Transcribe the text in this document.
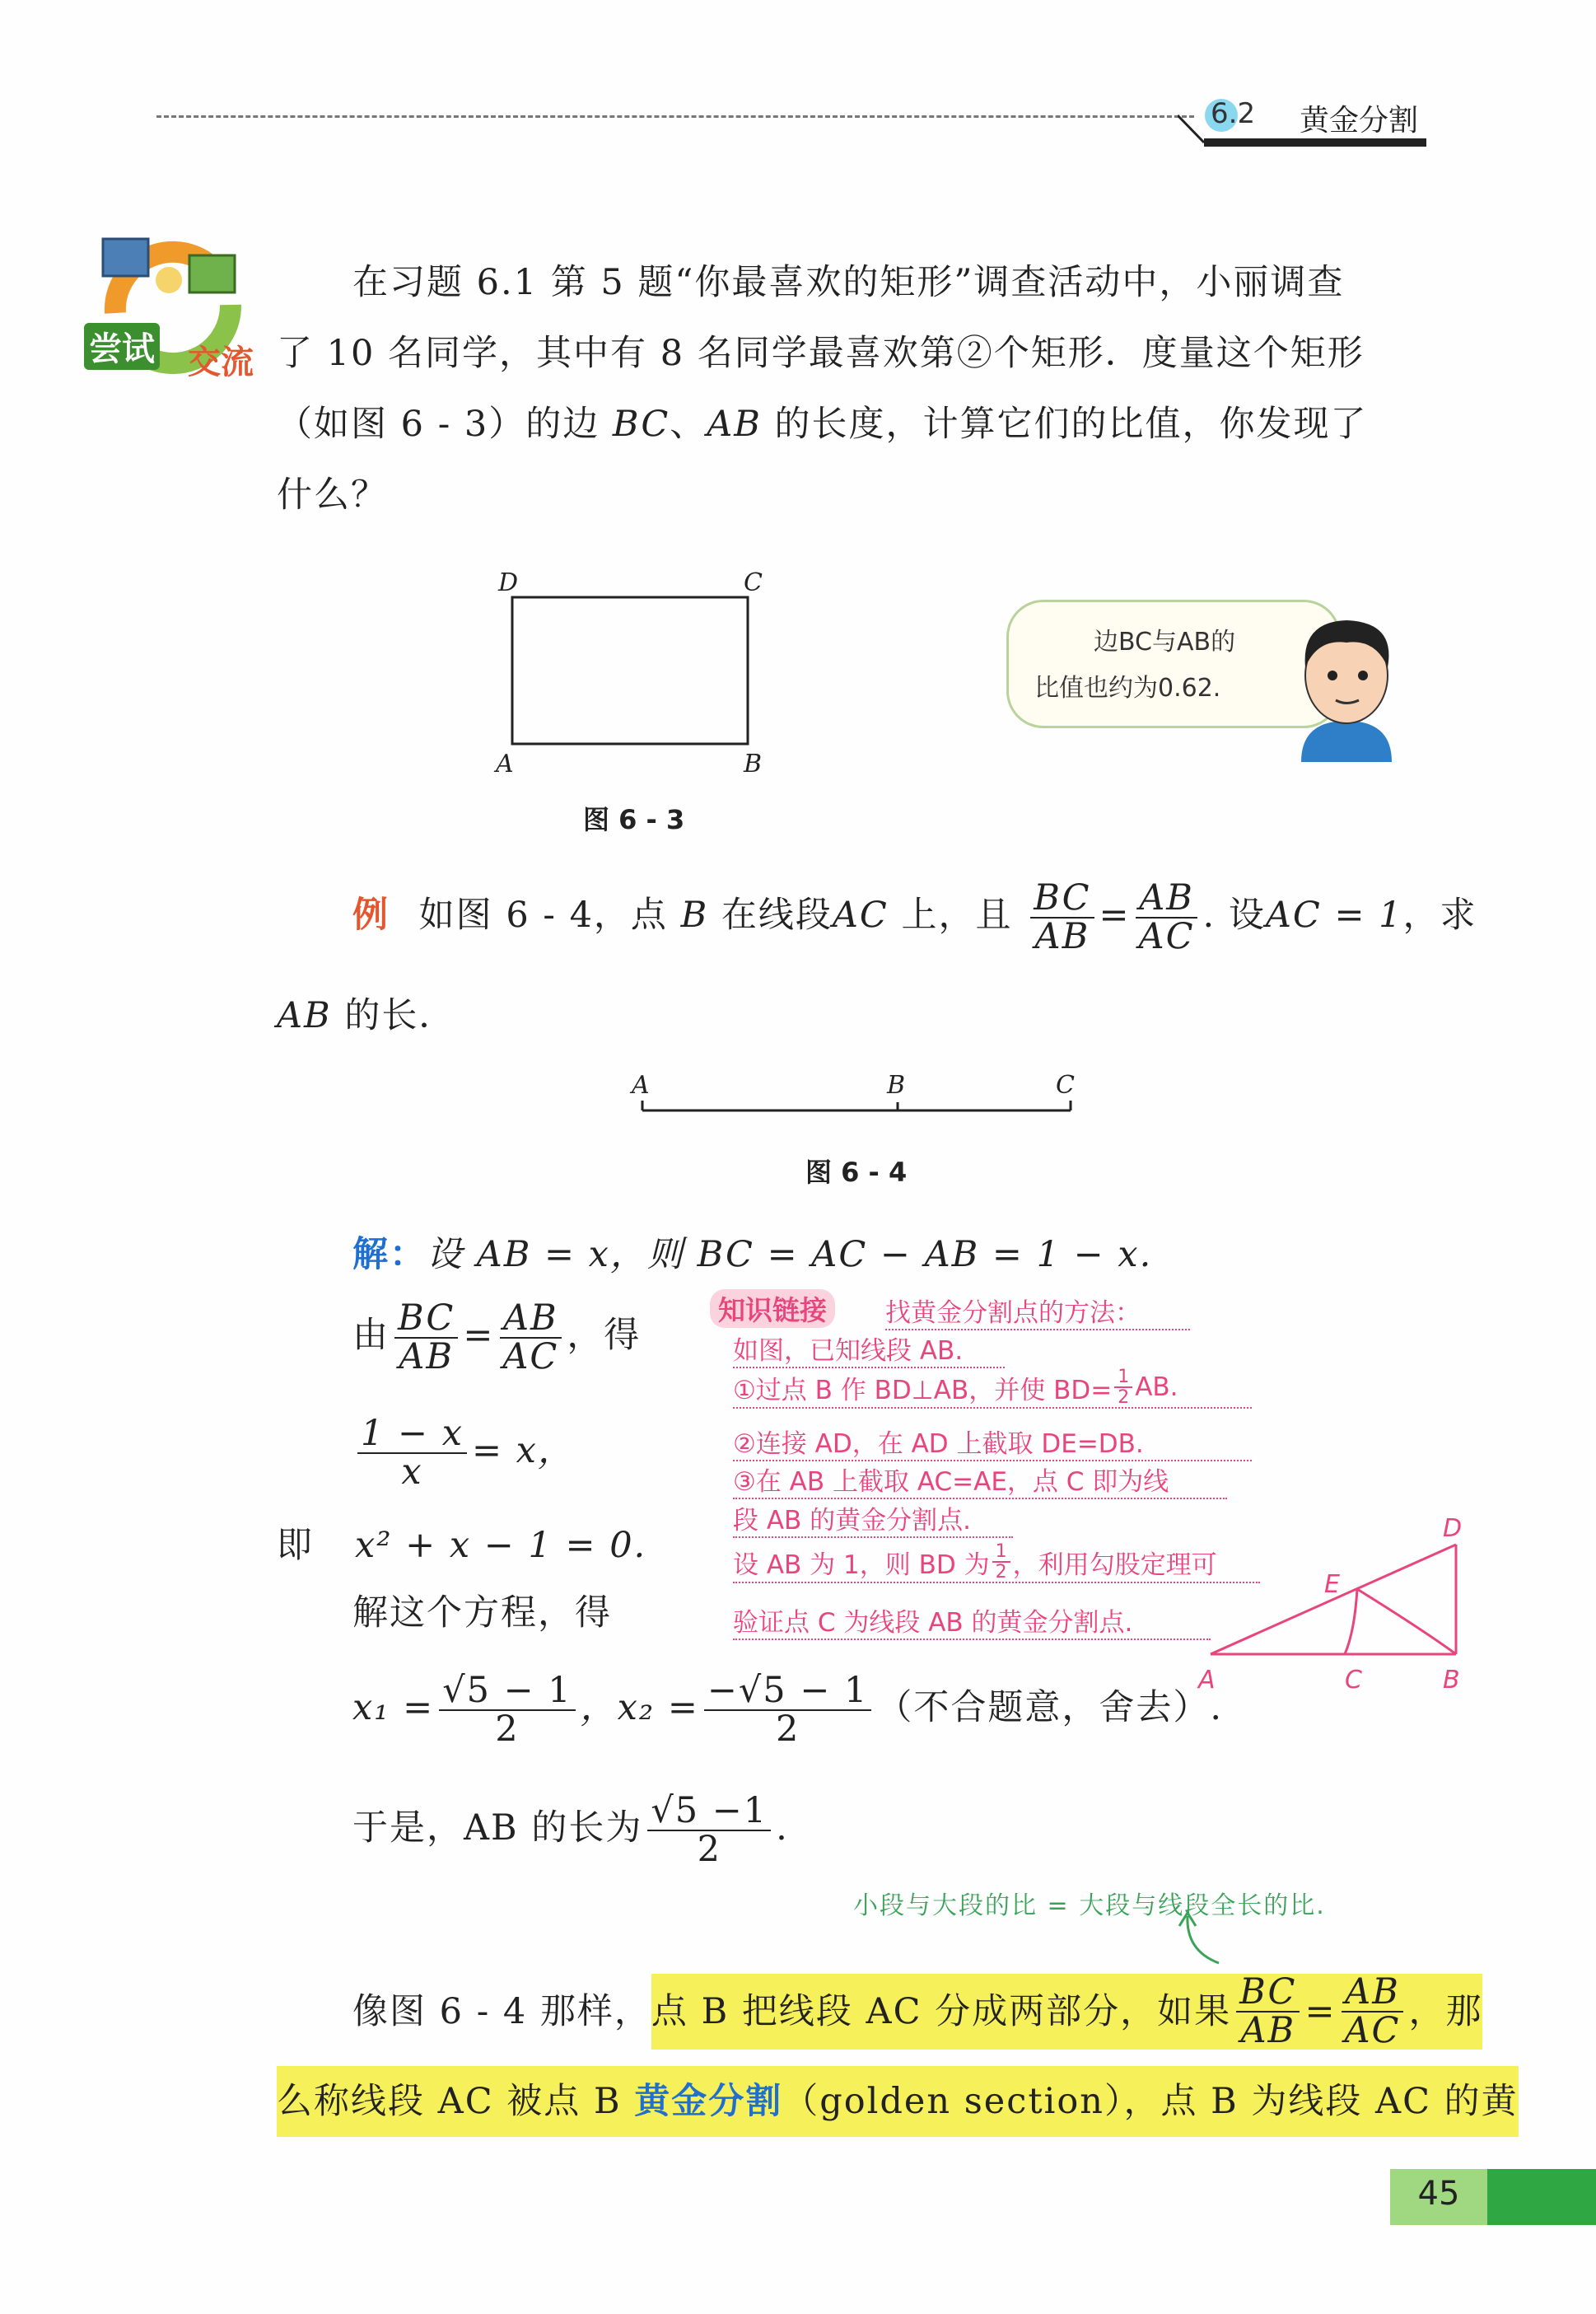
6.2 黄金分割
尝试 交流
在习题 6.1 第 5 题“你最喜欢的矩形”调查活动中，小丽调查
了 10 名同学，其中有 8 名同学最喜欢第②个矩形．度量这个矩形
（如图 6 - 3）的边 BC、AB 的长度，计算它们的比值，你发现了
什么？
D	C
A	B
图 6 - 3
边BC与AB的
比值也约为0.62.
例 如图 6 - 4，点 B 在线段AC 上，且 $\frac{BC}{AB} = \frac{AB}{AC}$ . 设AC = 1，求
AB 的长．
A	B	C
图 6 - 4
解：设 AB = x，则 BC = AC − AB = 1 − x.
由 $\frac{BC}{AB} = \frac{AB}{AC}$ ，得
$\frac{1 - x}{x} = x$，
即 x² + x − 1 = 0.
解这个方程，得
$x_1 = \frac{√5 - 1}{2}$ ，$x_2 = \frac{-√5 - 1}{2}$ （不合题意，舍去）.
于是，AB 的长为 $\frac{√5 -1}{2}$ .
知识链接	找黄金分割点的方法：
如图，已知线段 AB.
①过点 B 作 BD⊥AB，并使 $BD= \frac{1}{2}$ AB.
②连接 AD，在 AD 上截取 DE=DB.
③在 AB 上截取 AC=AE，点 C 即为线
段 AB 的黄金分割点.
设 AB 为 1，则 BD 为 $\frac{1}{2}$ ，利用勾股定理可
验证点 C 为线段 AB 的黄金分割点.
D
E
A	C	B
小段与大段的比 = 大段与线段全长的比.
像图 6 - 4 那样， 点 B 把线段 AC 分成两部分，如果 $\frac{BC}{AB} = \frac{AB}{AC}$ ，那
么称线段 AC 被点 B 黄金分割（golden section），点 B 为线段 AC 的黄
45
